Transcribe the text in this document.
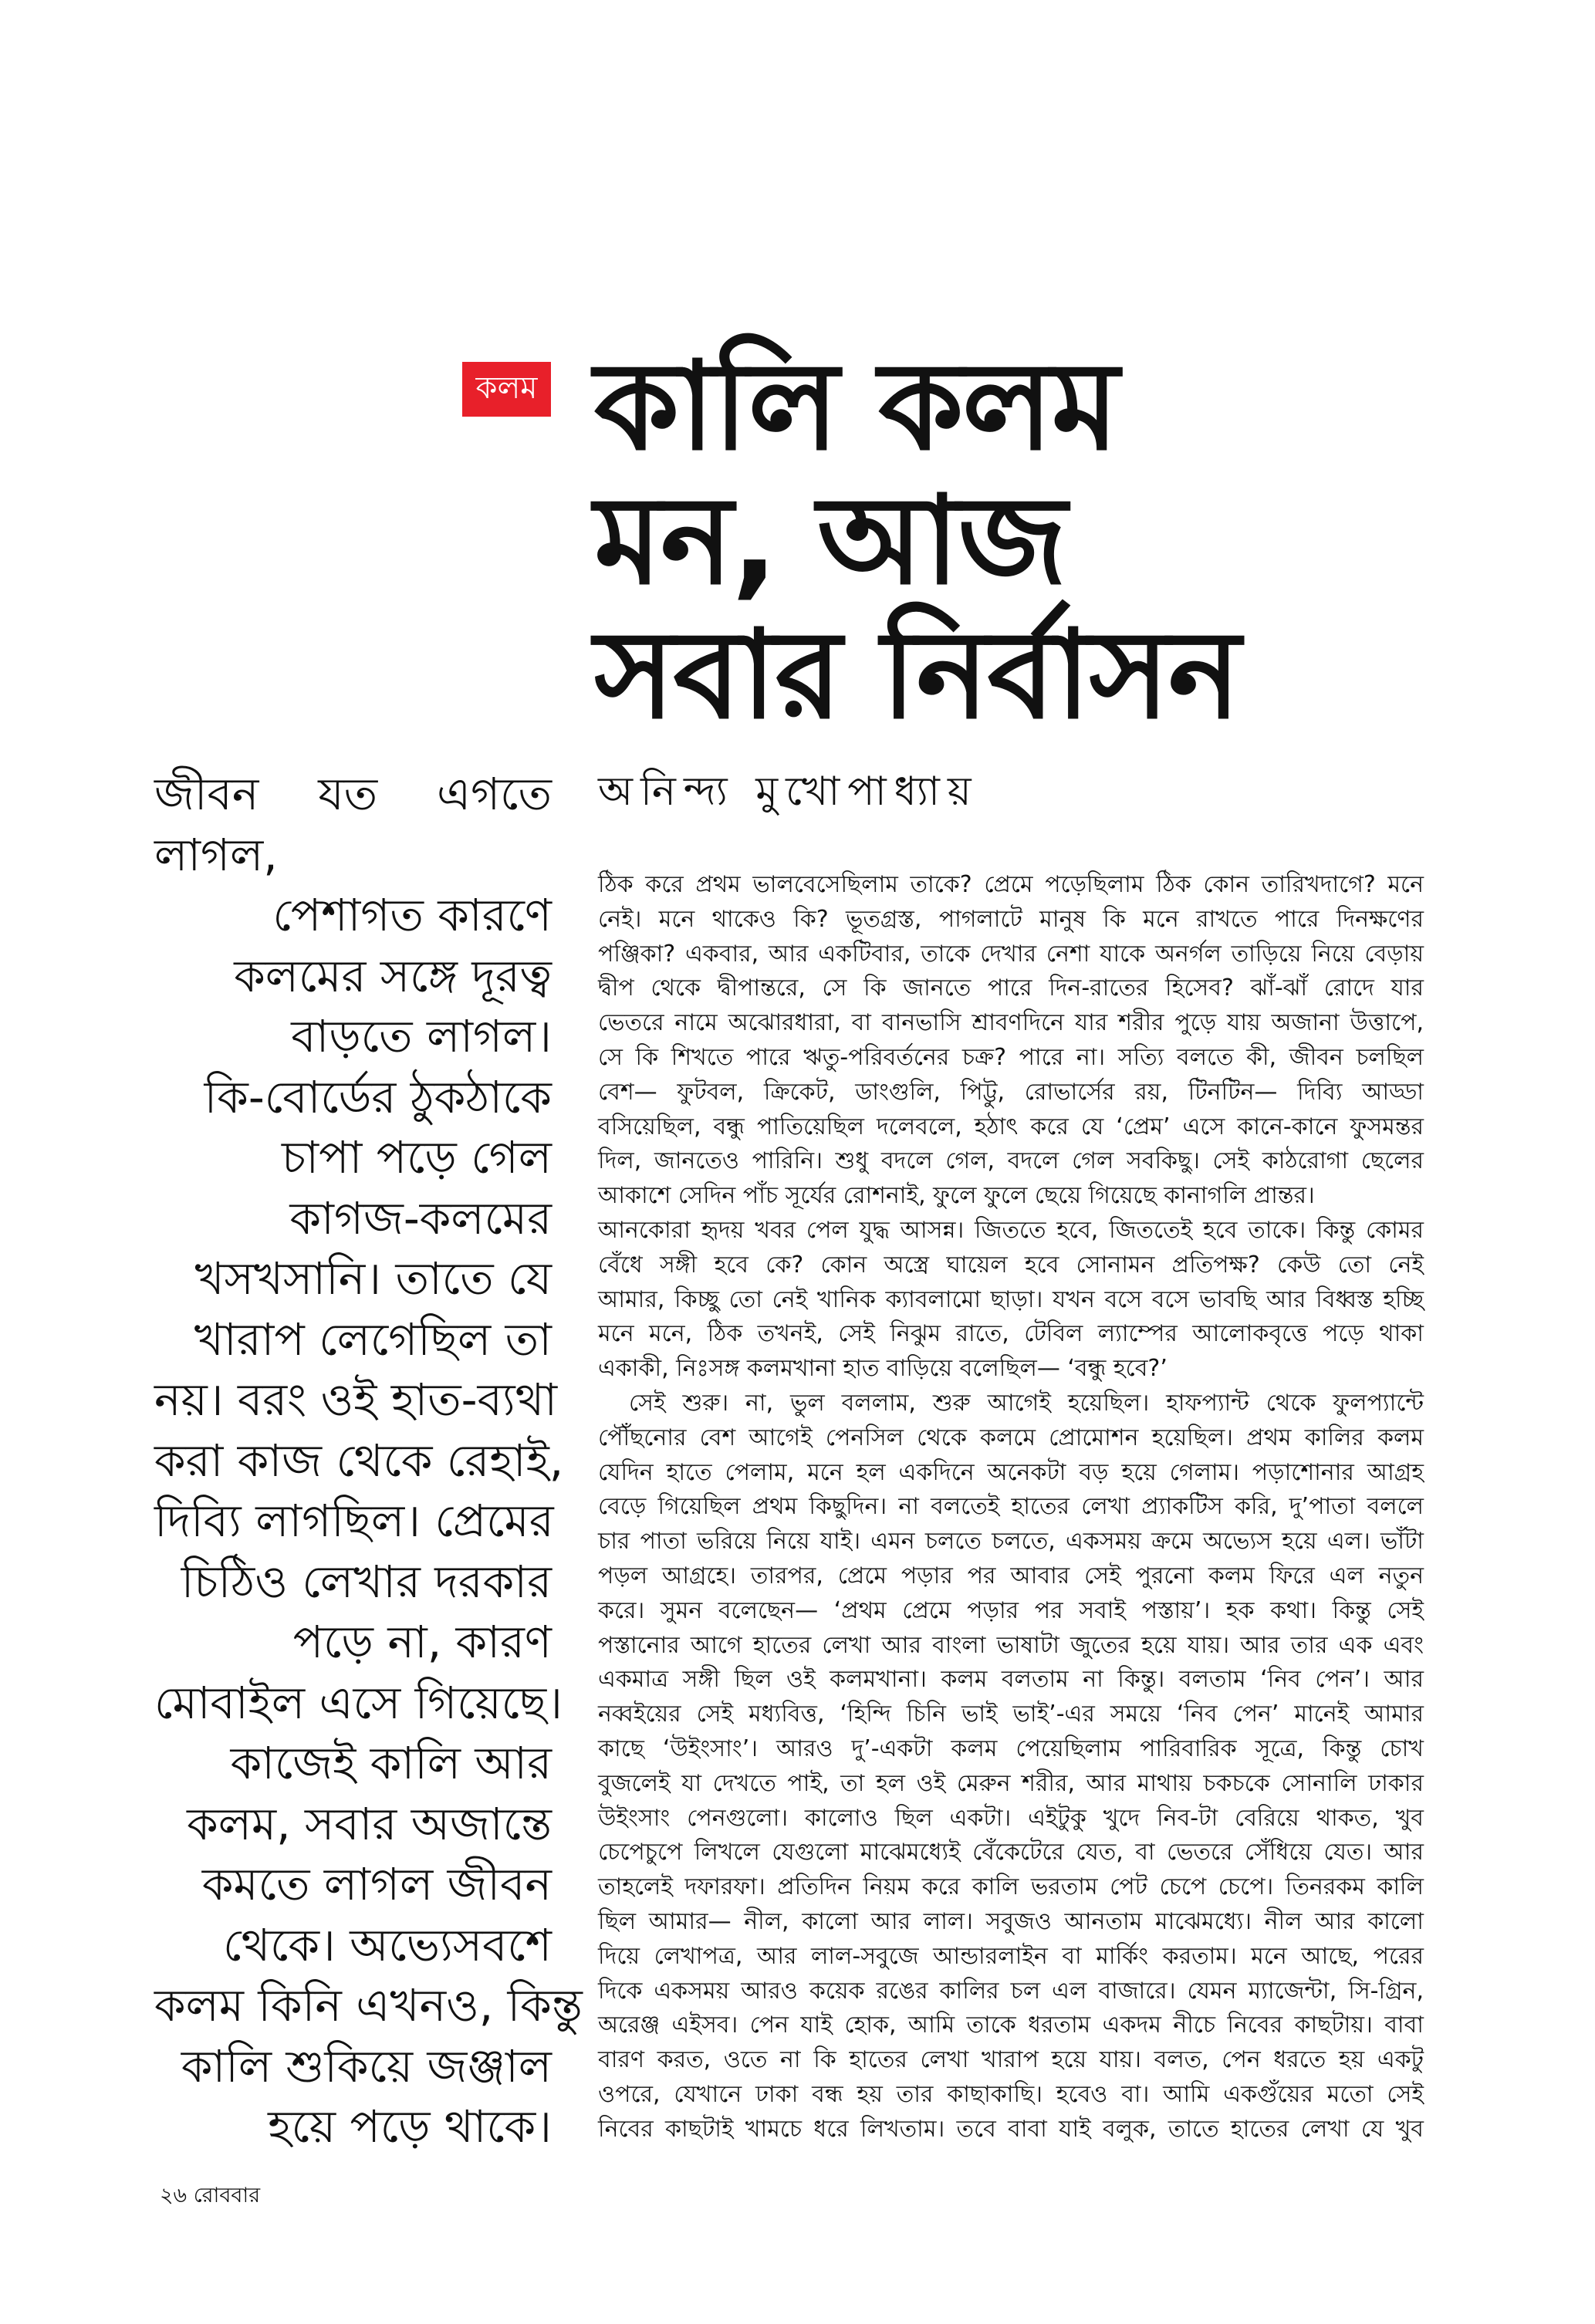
কলম কালি কলম
মন, আজ
সবার নির্বাসন
অনিন্দ্য মুখোপাধ্যায়
জীবন যত এগতে লাগল,
পেশাগত কারণে
কলমের সঙ্গে দূরত্ব
বাড়তে লাগল।
কি-বোর্ডের ঠুকঠাকে
চাপা পড়ে গেল
কাগজ-কলমের
খসখসানি। তাতে যে
খারাপ লেগেছিল তা
নয়। বরং ওই হাত-ব্যথা
করা কাজ থেকে রেহাই,
দিব্যি লাগছিল। প্রেমের
চিঠিও লেখার দরকার
পড়ে না, কারণ
মোবাইল এসে গিয়েছে।
কাজেই কালি আর
কলম, সবার অজান্তে
কমতে লাগল জীবন
থেকে। অভ্যেসবশে
কলম কিনি এখনও, কিন্তু
কালি শুকিয়ে জঞ্জাল
হয়ে পড়ে থাকে।
ঠিক করে প্রথম ভালবেসেছিলাম তাকে? প্রেমে পড়েছিলাম ঠিক কোন তারিখদাগে? মনে
নেই। মনে থাকেও কি? ভূতগ্রস্ত, পাগলাটে মানুষ কি মনে রাখতে পারে দিনক্ষণের
পঞ্জিকা? একবার, আর একটিবার, তাকে দেখার নেশা যাকে অনর্গল তাড়িয়ে নিয়ে বেড়ায়
দ্বীপ থেকে দ্বীপান্তরে, সে কি জানতে পারে দিন-রাতের হিসেব? ঝাঁ-ঝাঁ রোদে যার
ভেতরে নামে অঝোরধারা, বা বানভাসি শ্রাবণদিনে যার শরীর পুড়ে যায় অজানা উত্তাপে,
সে কি শিখতে পারে ঋতু-পরিবর্তনের চক্র? পারে না। সত্যি বলতে কী, জীবন চলছিল
বেশ— ফুটবল, ক্রিকেট, ডাংগুলি, পিট্টু, রোভার্সের রয়, টিনটিন— দিব্যি আড্ডা
বসিয়েছিল, বন্ধু পাতিয়েছিল দলেবলে, হঠাৎ করে যে ‘প্রেম’ এসে কানে-কানে ফুসমন্তর
দিল, জানতেও পারিনি। শুধু বদলে গেল, বদলে গেল সবকিছু। সেই কাঠরোগা ছেলের
আকাশে সেদিন পাঁচ সূর্যের রোশনাই, ফুলে ফুলে ছেয়ে গিয়েছে কানাগলি প্রান্তর।
আনকোরা হৃদয় খবর পেল যুদ্ধ আসন্ন। জিততে হবে, জিততেই হবে তাকে। কিন্তু কোমর
বেঁধে সঙ্গী হবে কে? কোন অস্ত্রে ঘায়েল হবে সোনামন প্রতিপক্ষ? কেউ তো নেই
আমার, কিচ্ছু তো নেই খানিক ক্যাবলামো ছাড়া। যখন বসে বসে ভাবছি আর বিধ্বস্ত হচ্ছি
মনে মনে, ঠিক তখনই, সেই নিঝুম রাতে, টেবিল ল্যাম্পের আলোকবৃত্তে পড়ে থাকা
একাকী, নিঃসঙ্গ কলমখানা হাত বাড়িয়ে বলেছিল— ‘বন্ধু হবে?’
সেই শুরু। না, ভুল বললাম, শুরু আগেই হয়েছিল। হাফপ্যান্ট থেকে ফুলপ্যান্টে
পৌঁছনোর বেশ আগেই পেনসিল থেকে কলমে প্রোমোশন হয়েছিল। প্রথম কালির কলম
যেদিন হাতে পেলাম, মনে হল একদিনে অনেকটা বড় হয়ে গেলাম। পড়াশোনার আগ্রহ
বেড়ে গিয়েছিল প্রথম কিছুদিন। না বলতেই হাতের লেখা প্র্যাকটিস করি, দু’পাতা বললে
চার পাতা ভরিয়ে নিয়ে যাই। এমন চলতে চলতে, একসময় ক্রমে অভ্যেস হয়ে এল। ভাঁটা
পড়ল আগ্রহে। তারপর, প্রেমে পড়ার পর আবার সেই পুরনো কলম ফিরে এল নতুন
করে। সুমন বলেছেন— ‘প্রথম প্রেমে পড়ার পর সবাই পস্তায়’। হক কথা। কিন্তু সেই
পস্তানোর আগে হাতের লেখা আর বাংলা ভাষাটা জুতের হয়ে যায়। আর তার এক এবং
একমাত্র সঙ্গী ছিল ওই কলমখানা। কলম বলতাম না কিন্তু। বলতাম ‘নিব পেন’। আর
নব্বইয়ের সেই মধ্যবিত্ত, ‘হিন্দি চিনি ভাই ভাই’-এর সময়ে ‘নিব পেন’ মানেই আমার
কাছে ‘উইংসাং’। আরও দু’-একটা কলম পেয়েছিলাম পারিবারিক সূত্রে, কিন্তু চোখ
বুজলেই যা দেখতে পাই, তা হল ওই মেরুন শরীর, আর মাথায় চকচকে সোনালি ঢাকার
উইংসাং পেনগুলো। কালোও ছিল একটা। এইটুকু খুদে নিব-টা বেরিয়ে থাকত, খুব
চেপেচুপে লিখলে যেগুলো মাঝেমধ্যেই বেঁকেটেরে যেত, বা ভেতরে সেঁধিয়ে যেত। আর
তাহলেই দফারফা। প্রতিদিন নিয়ম করে কালি ভরতাম পেট চেপে চেপে। তিনরকম কালি
ছিল আমার— নীল, কালো আর লাল। সবুজও আনতাম মাঝেমধ্যে। নীল আর কালো
দিয়ে লেখাপত্র, আর লাল-সবুজে আন্ডারলাইন বা মার্কিং করতাম। মনে আছে, পরের
দিকে একসময় আরও কয়েক রঙের কালির চল এল বাজারে। যেমন ম্যাজেন্টা, সি-গ্রিন,
অরেঞ্জ এইসব। পেন যাই হোক, আমি তাকে ধরতাম একদম নীচে নিবের কাছটায়। বাবা
বারণ করত, ওতে না কি হাতের লেখা খারাপ হয়ে যায়। বলত, পেন ধরতে হয় একটু
ওপরে, যেখানে ঢাকা বন্ধ হয় তার কাছাকাছি। হবেও বা। আমি একগুঁয়ের মতো সেই
নিবের কাছটাই খামচে ধরে লিখতাম। তবে বাবা যাই বলুক, তাতে হাতের লেখা যে খুব
২৬ রোববার
